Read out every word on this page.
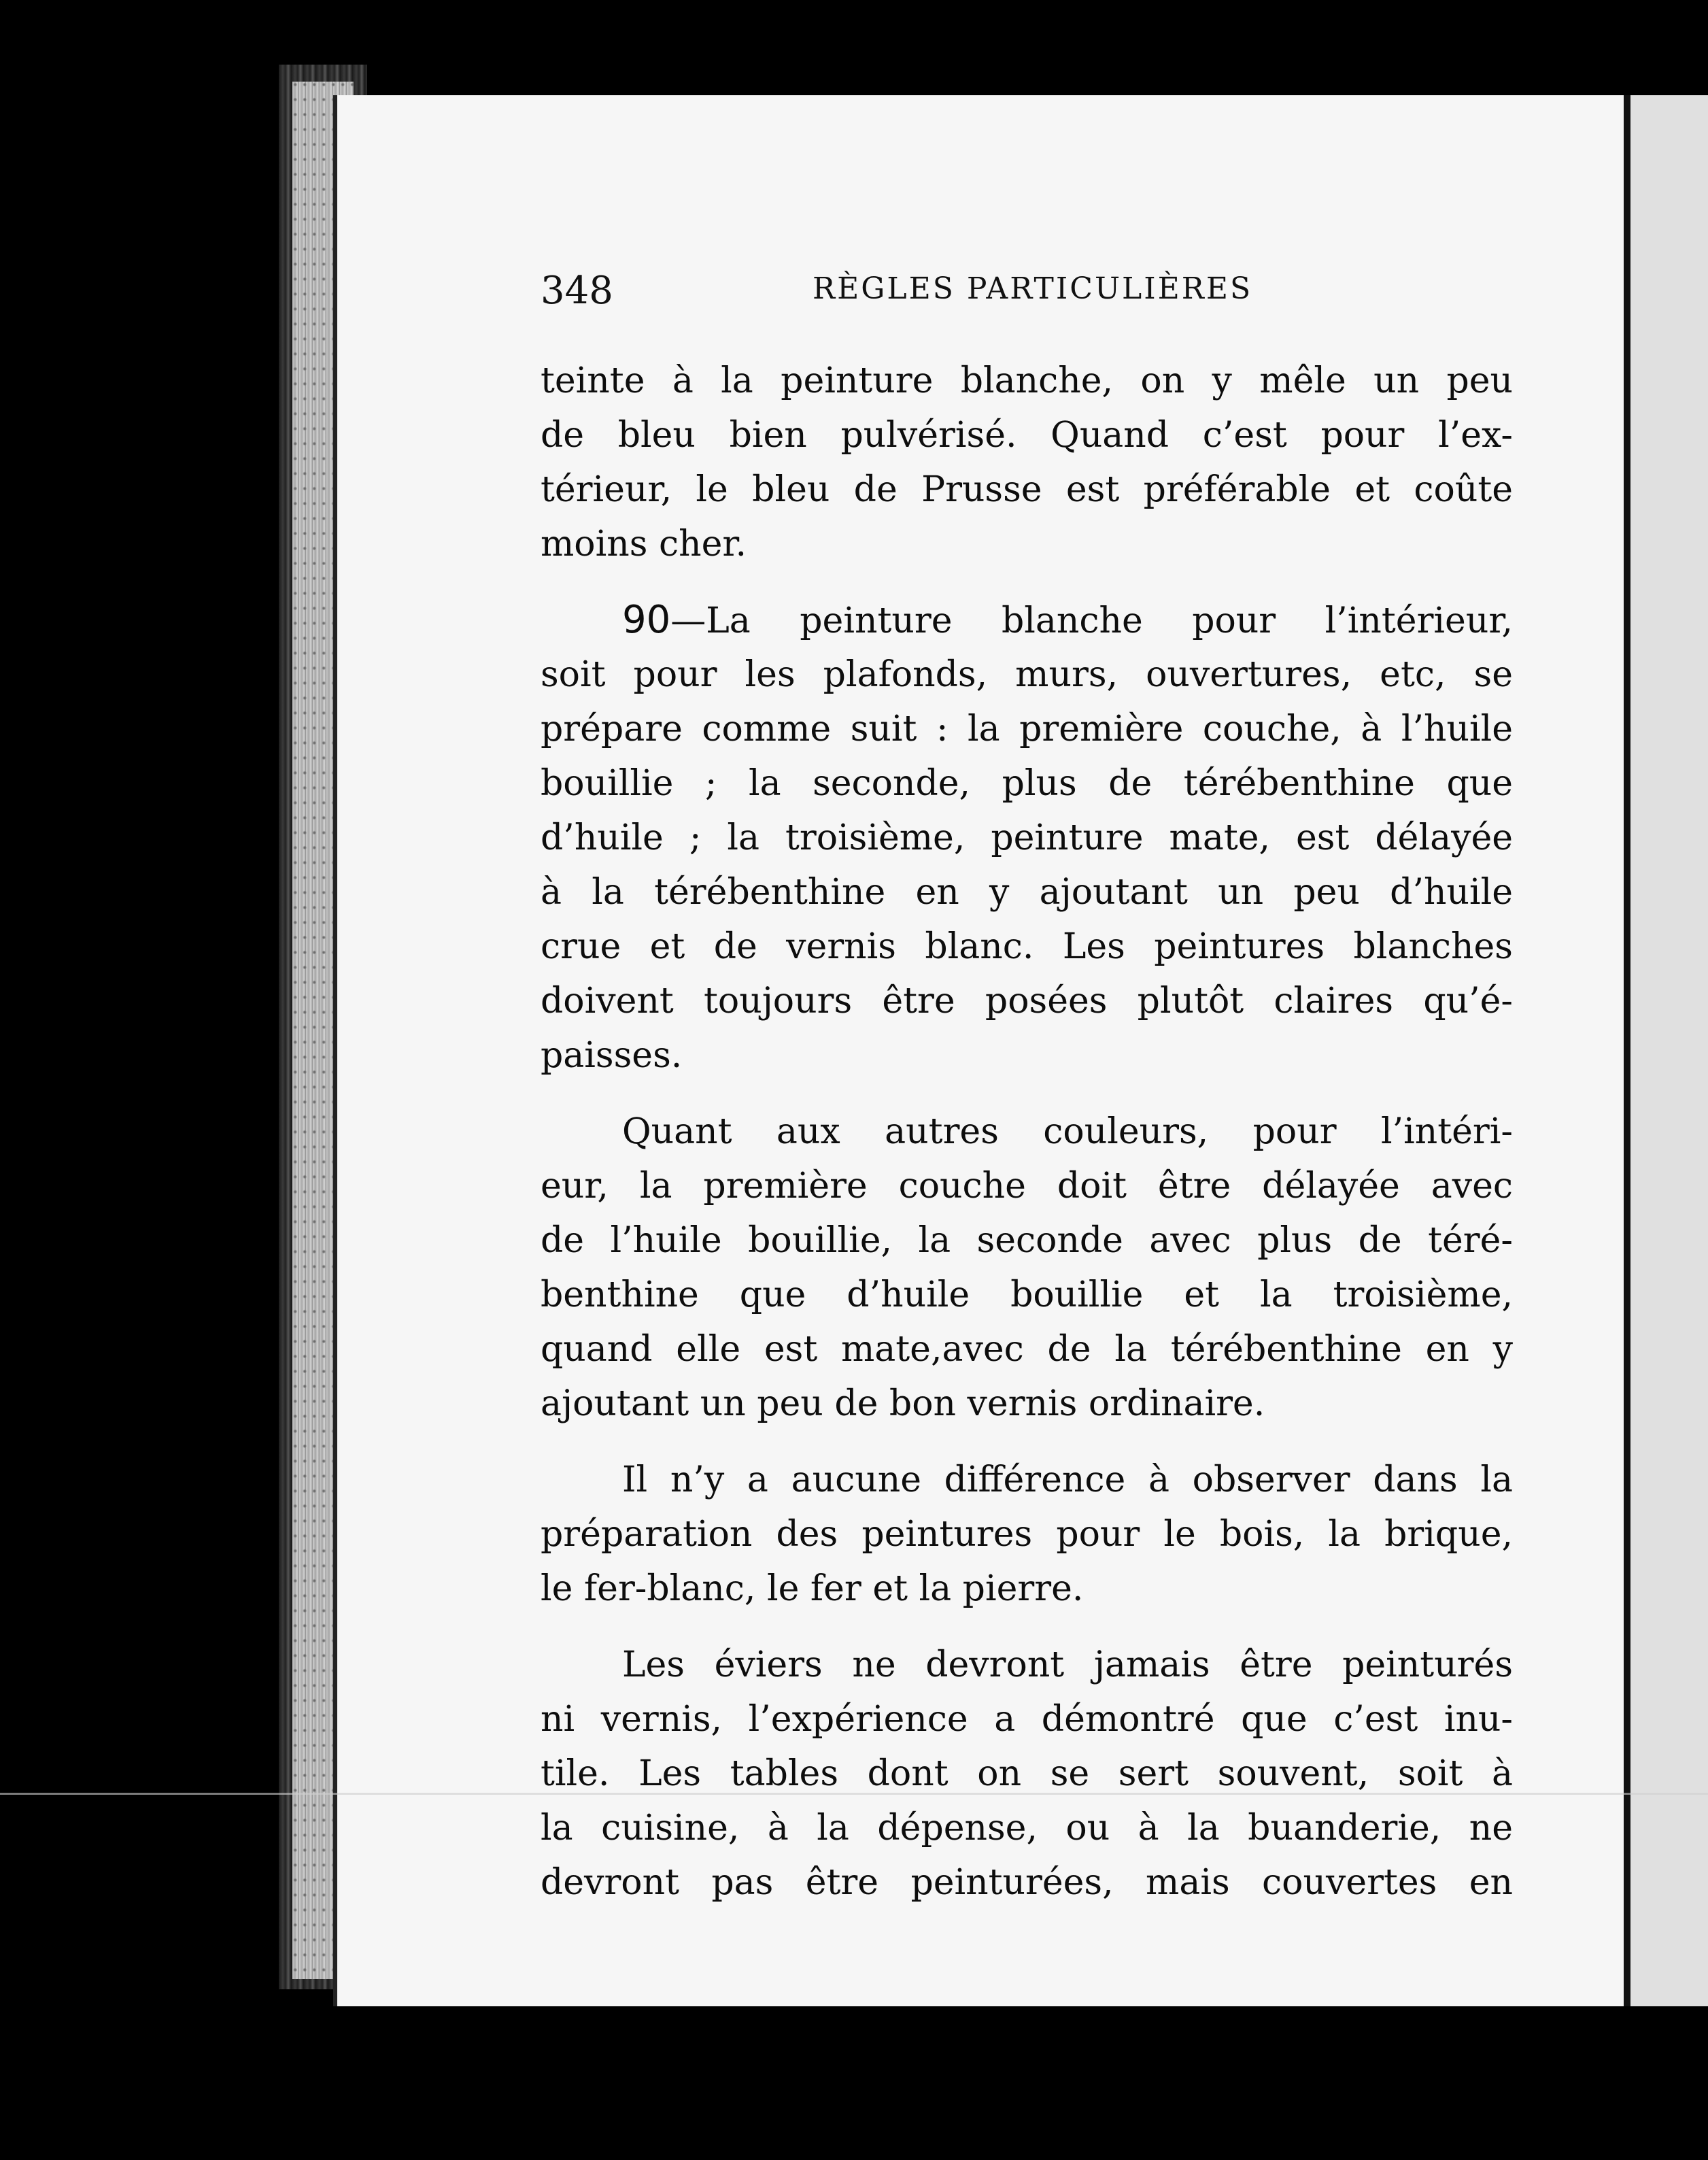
348	RÈGLES PARTICULIÈRES
teinte à la peinture blanche, on y mêle un peu
de bleu bien pulvérisé. Quand c’est pour l’ex-
térieur, le bleu de Prusse est préférable et coûte
moins cher.
90—La peinture blanche pour l’intérieur,
soit pour les plafonds, murs, ouvertures, etc, se
prépare comme suit : la première couche, à l’huile
bouillie ; la seconde, plus de térébenthine que
d’huile ; la troisième, peinture mate, est délayée
à la térébenthine en y ajoutant un peu d’huile
crue et de vernis blanc. Les peintures blanches
doivent toujours être posées plutôt claires qu’é-
paisses.
Quant aux autres couleurs, pour l’intéri-
eur, la première couche doit être délayée avec
de l’huile bouillie, la seconde avec plus de téré-
benthine que d’huile bouillie et la troisième,
quand elle est mate,avec de la térébenthine en y
ajoutant un peu de bon vernis ordinaire.
Il n’y a aucune différence à observer dans la
préparation des peintures pour le bois, la brique,
le fer-blanc, le fer et la pierre.
Les éviers ne devront jamais être peinturés
ni vernis, l’expérience a démontré que c’est inu-
tile. Les tables dont on se sert souvent, soit à
la cuisine, à la dépense, ou à la buanderie, ne
devront pas être peinturées, mais couvertes en
